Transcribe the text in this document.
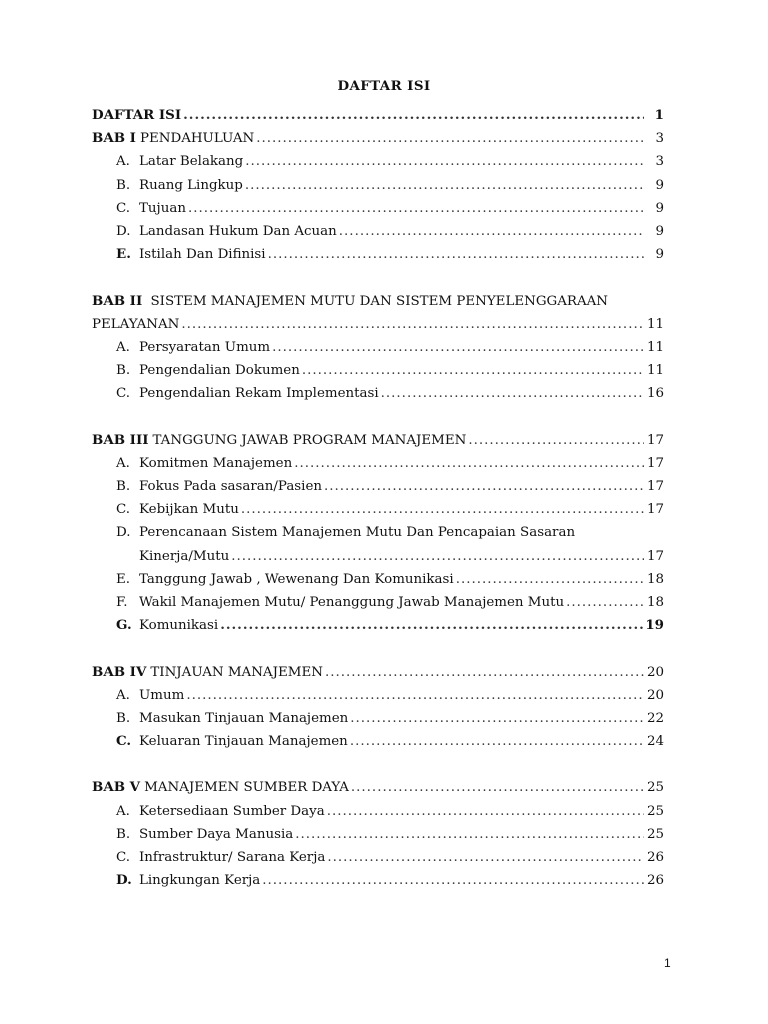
DAFTAR ISI
DAFTAR ISI .....	1
BAB I PENDAHULUAN .....	3
A. Latar Belakang .....	3
B. Ruang Lingkup .....	9
C. Tujuan .....	9
D. Landasan Hukum Dan Acuan .....	9
E. Istilah Dan Difinisi .....	9
BAB II SISTEM MANAJEMEN MUTU DAN SISTEM PENYELENGGARAAN
PELAYANAN .....	11
A. Persyaratan Umum .....	11
B. Pengendalian Dokumen .....	11
C. Pengendalian Rekam Implementasi .....	16
BAB III TANGGUNG JAWAB PROGRAM MANAJEMEN .....	17
A. Komitmen Manajemen .....	17
B. Fokus Pada sasaran/Pasien .....	17
C. Kebijkan Mutu .....	17
D. Perencanaan Sistem Manajemen Mutu Dan Pencapaian Sasaran
Kinerja/Mutu .....	17
E. Tanggung Jawab , Wewenang Dan Komunikasi .....	18
F. Wakil Manajemen Mutu/ Penanggung Jawab Manajemen Mutu .....	18
G. Komunikasi .....	19
BAB IV TINJAUAN MANAJEMEN .....	20
A. Umum .....	20
B. Masukan Tinjauan Manajemen .....	22
C. Keluaran Tinjauan Manajemen .....	24
BAB V MANAJEMEN SUMBER DAYA .....	25
A. Ketersediaan Sumber Daya .....	25
B. Sumber Daya Manusia .....	25
C. Infrastruktur/ Sarana Kerja .....	26
D. Lingkungan Kerja .....	26
1
